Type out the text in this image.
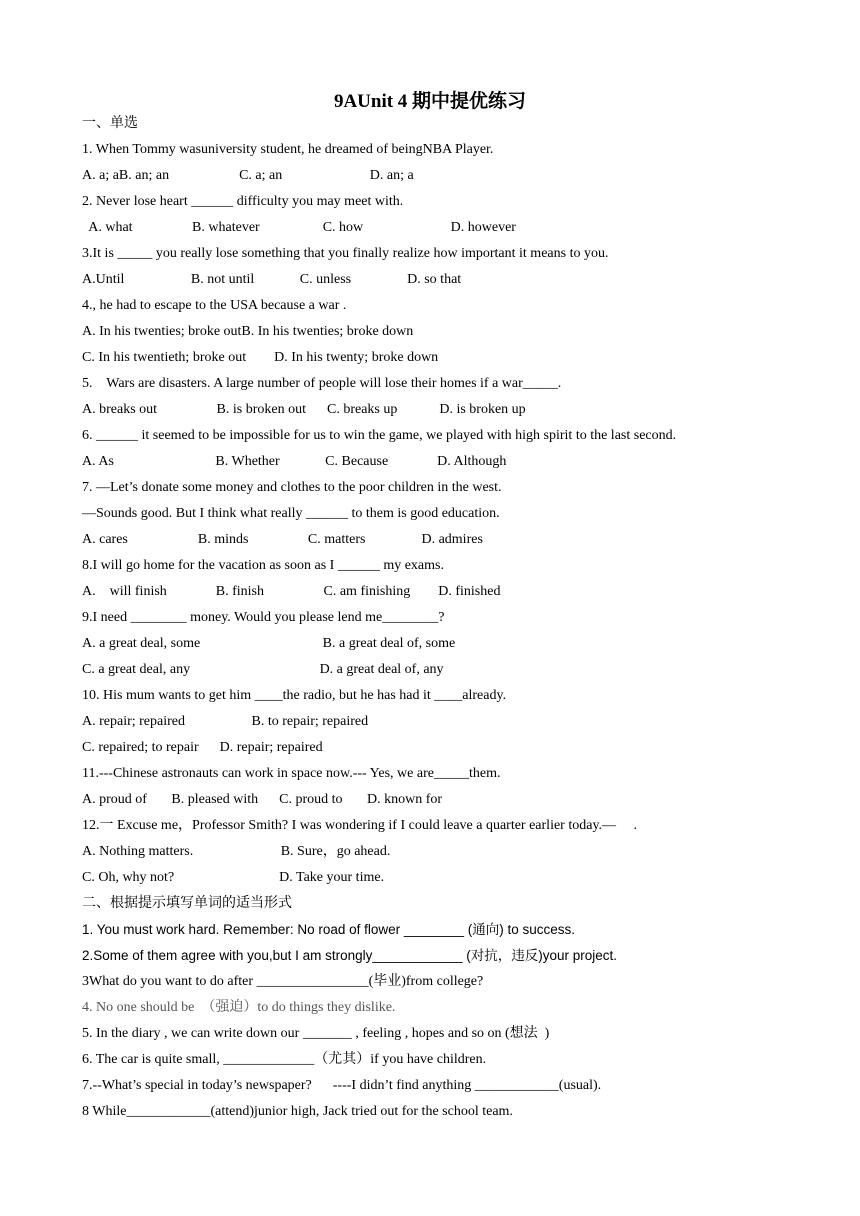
9AUnit 4 期中提优练习
一、单选
1. When Tommy wasuniversity student, he dreamed of beingNBA Player.
A. a; aB. an; an                    C. a; an                         D. an; a
2. Never lose heart ______ difficulty you may meet with.
A. what                 B. whatever                  C. how                         D. however
3.It is _____ you really lose something that you finally realize how important it means to you.
A.Until                   B. not until             C. unless                D. so that
4., he had to escape to the USA because a war .
A. In his twenties; broke outB. In his twenties; broke down
C. In his twentieth; broke out        D. In his twenty; broke down
5.    Wars are disasters. A large number of people will lose their homes if a war_____.
A. breaks out                 B. is broken out      C. breaks up            D. is broken up
6. ______ it seemed to be impossible for us to win the game, we played with high spirit to the last second.
A. As                             B. Whether             C. Because              D. Although
7. —Let’s donate some money and clothes to the poor children in the west.
—Sounds good. But I think what really ______ to them is good education.
A. cares                    B. minds                 C. matters                D. admires
8.I will go home for the vacation as soon as I ______ my exams.
A.    will finish              B. finish                 C. am finishing        D. finished
9.I need ________ money. Would you please lend me________?
A. a great deal, some                                   B. a great deal of, some
C. a great deal, any                                     D. a great deal of, any
10. His mum wants to get him ____the radio, but he has had it ____already.
A. repair; repaired                   B. to repair; repaired
C. repaired; to repair      D. repair; repaired
11.---Chinese astronauts can work in space now.--- Yes, we are_____them.
A. proud of       B. pleased with      C. proud to       D. known for
12.一 Excuse me，Professor Smith? I was wondering if I could leave a quarter earlier today.—     .
A. Nothing matters.                         B. Sure，go ahead.
C. Oh, why not?                              D. Take your time.
二、根据提示填写单词的适当形式
1. You must work hard. Remember: No road of flower ________ (通向) to success.
2.Some of them agree with you,but I am strongly____________ (对抗，违反)your project.
3What do you want to do after ________________(毕业)from college?
4. No one should be  （强迫）to do things they dislike.
5. In the diary , we can write down our _______ , feeling , hopes and so on (想法  )
6. The car is quite small, _____________（尤其）if you have children.
7.--What’s special in today’s newspaper?      ----I didn’t find anything ____________(usual).
8 While____________(attend)junior high, Jack tried out for the school team.
